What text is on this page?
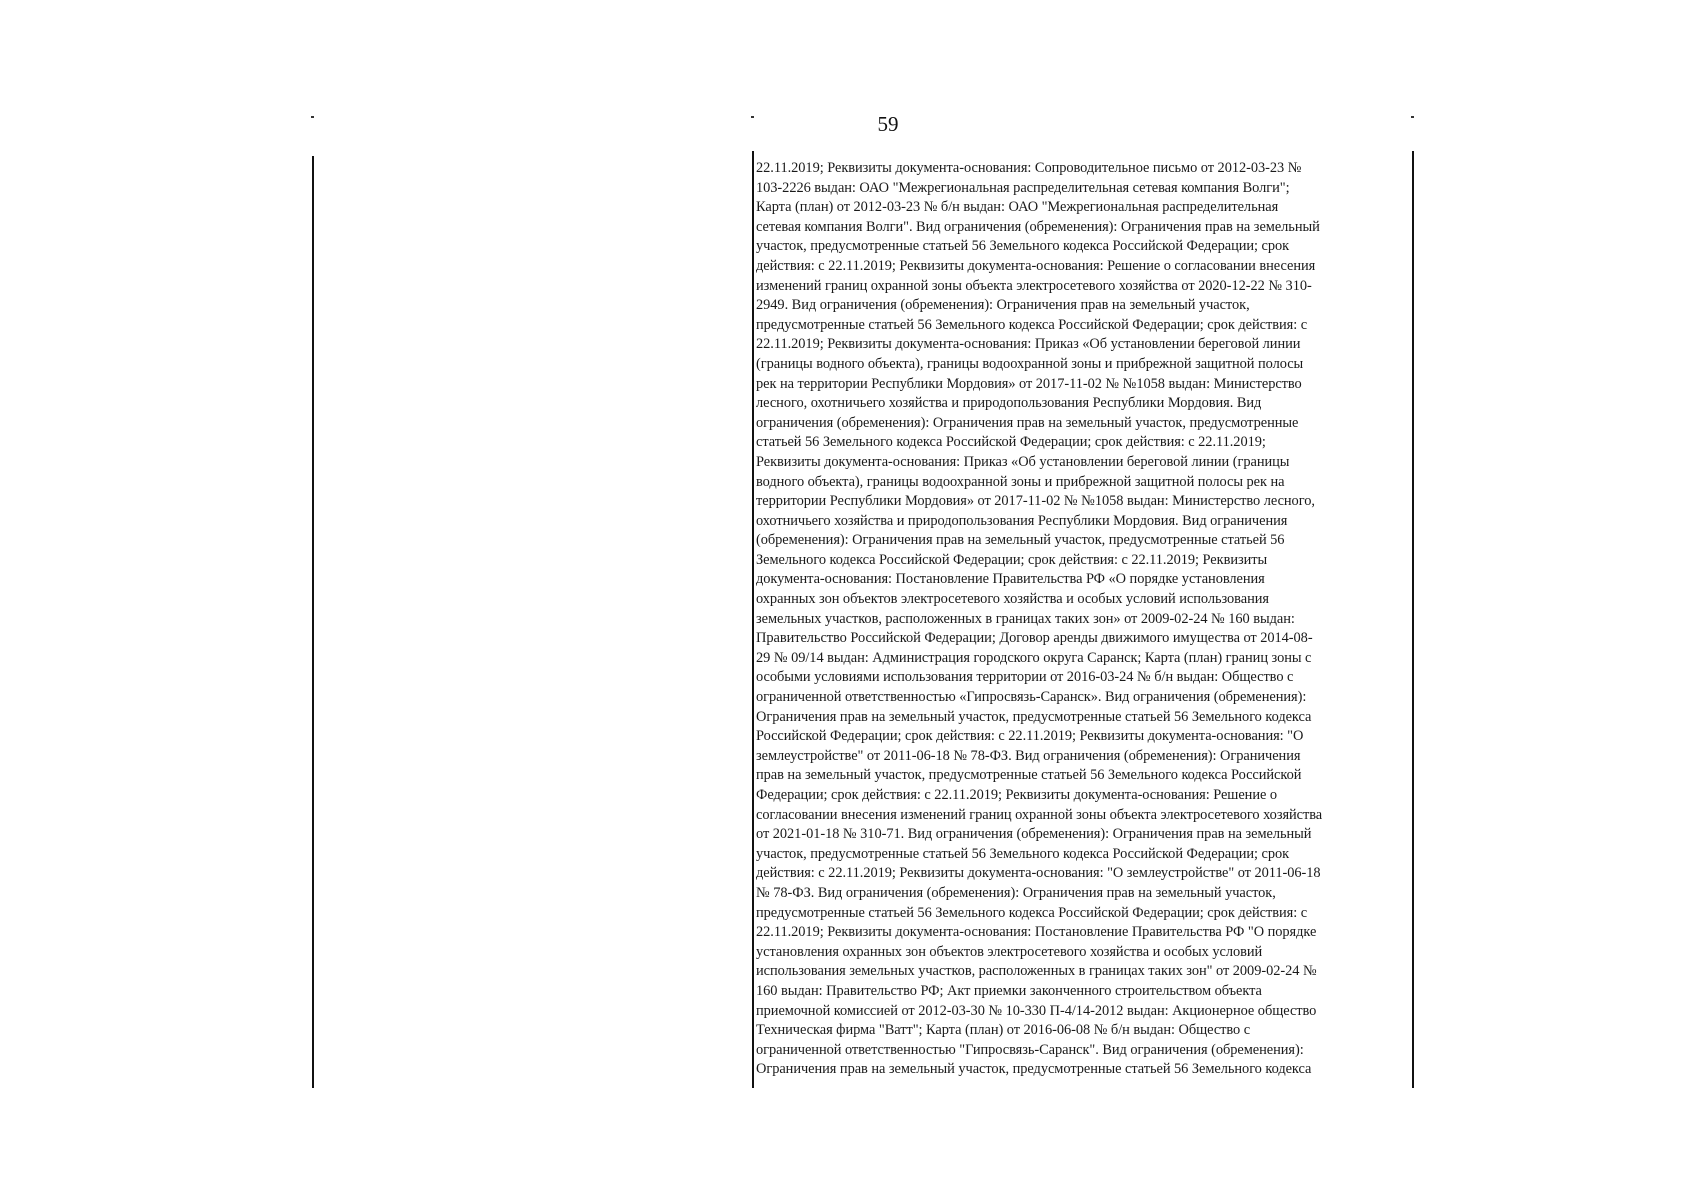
59
22.11.2019; Реквизиты документа-основания: Сопроводительное письмо от 2012-03-23 №
103-2226 выдан: ОАО "Межрегиональная распределительная сетевая компания Волги";
Карта (план) от 2012-03-23 № б/н выдан: ОАО "Межрегиональная распределительная
сетевая компания Волги". Вид ограничения (обременения): Ограничения прав на земельный
участок, предусмотренные статьей 56 Земельного кодекса Российской Федерации; срок
действия: с 22.11.2019; Реквизиты документа-основания: Решение о согласовании внесения
изменений границ охранной зоны объекта электросетевого хозяйства от 2020-12-22 № 310-
2949. Вид ограничения (обременения): Ограничения прав на земельный участок,
предусмотренные статьей 56 Земельного кодекса Российской Федерации; срок действия: с
22.11.2019; Реквизиты документа-основания: Приказ «Об установлении береговой линии
(границы водного объекта), границы водоохранной зоны и прибрежной защитной полосы
рек на территории Республики Мордовия» от 2017-11-02 № №1058 выдан: Министерство
лесного, охотничьего хозяйства и природопользования Республики Мордовия. Вид
ограничения (обременения): Ограничения прав на земельный участок, предусмотренные
статьей 56 Земельного кодекса Российской Федерации; срок действия: с 22.11.2019;
Реквизиты документа-основания: Приказ «Об установлении береговой линии (границы
водного объекта), границы водоохранной зоны и прибрежной защитной полосы рек на
территории Республики Мордовия» от 2017-11-02 № №1058 выдан: Министерство лесного,
охотничьего хозяйства и природопользования Республики Мордовия. Вид ограничения
(обременения): Ограничения прав на земельный участок, предусмотренные статьей 56
Земельного кодекса Российской Федерации; срок действия: с 22.11.2019; Реквизиты
документа-основания: Постановление Правительства РФ «О порядке установления
охранных зон объектов электросетевого хозяйства и особых условий использования
земельных участков, расположенных в границах таких зон» от 2009-02-24 № 160 выдан:
Правительство Российской Федерации; Договор аренды движимого имущества от 2014-08-
29 № 09/14 выдан: Администрация городского округа Саранск; Карта (план) границ зоны с
особыми условиями использования территории от 2016-03-24 № б/н выдан: Общество с
ограниченной ответственностью «Гипросвязь-Саранск». Вид ограничения (обременения):
Ограничения прав на земельный участок, предусмотренные статьей 56 Земельного кодекса
Российской Федерации; срок действия: с 22.11.2019; Реквизиты документа-основания: "О
землеустройстве" от 2011-06-18 № 78-ФЗ. Вид ограничения (обременения): Ограничения
прав на земельный участок, предусмотренные статьей 56 Земельного кодекса Российской
Федерации; срок действия: с 22.11.2019; Реквизиты документа-основания: Решение о
согласовании внесения изменений границ охранной зоны объекта электросетевого хозяйства
от 2021-01-18 № 310-71. Вид ограничения (обременения): Ограничения прав на земельный
участок, предусмотренные статьей 56 Земельного кодекса Российской Федерации; срок
действия: с 22.11.2019; Реквизиты документа-основания: "О землеустройстве" от 2011-06-18
№ 78-ФЗ. Вид ограничения (обременения): Ограничения прав на земельный участок,
предусмотренные статьей 56 Земельного кодекса Российской Федерации; срок действия: с
22.11.2019; Реквизиты документа-основания: Постановление Правительства РФ "О порядке
установления охранных зон объектов электросетевого хозяйства и особых условий
использования земельных участков, расположенных в границах таких зон" от 2009-02-24 №
160 выдан: Правительство РФ; Акт приемки законченного строительством объекта
приемочной комиссией от 2012-03-30 № 10-330 П-4/14-2012 выдан: Акционерное общество
Техническая фирма "Ватт"; Карта (план) от 2016-06-08 № б/н выдан: Общество с
ограниченной ответственностью "Гипросвязь-Саранск". Вид ограничения (обременения):
Ограничения прав на земельный участок, предусмотренные статьей 56 Земельного кодекса
